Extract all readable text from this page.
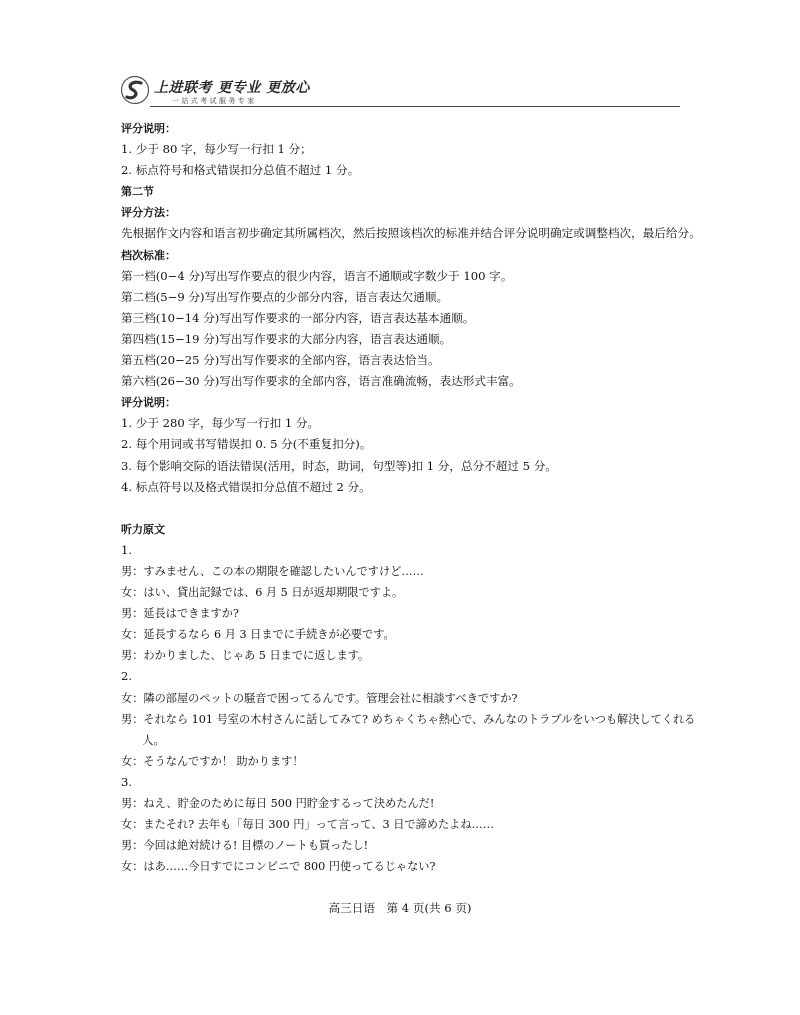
上进联考 更专业 更放心
一站式考试服务专家
评分说明：
1. 少于 80 字，每少写一行扣 1 分；
2. 标点符号和格式错误扣分总值不超过 1 分。
第二节
评分方法：
先根据作文内容和语言初步确定其所属档次，然后按照该档次的标准并结合评分说明确定或调整档次，最后给分。
档次标准：
第一档(0−4 分)写出写作要点的很少内容，语言不通顺或字数少于 100 字。
第二档(5−9 分)写出写作要点的少部分内容，语言表达欠通顺。
第三档(10−14 分)写出写作要求的一部分内容，语言表达基本通顺。
第四档(15−19 分)写出写作要求的大部分内容，语言表达通顺。
第五档(20−25 分)写出写作要求的全部内容，语言表达恰当。
第六档(26−30 分)写出写作要求的全部内容，语言准确流畅，表达形式丰富。
评分说明：
1. 少于 280 字，每少写一行扣 1 分。
2. 每个用词或书写错误扣 0. 5 分(不重复扣分)。
3. 每个影响交际的语法错误(活用，时态，助词，句型等)扣 1 分，总分不超过 5 分。
4. 标点符号以及格式错误扣分总值不超过 2 分。
听力原文
1.
男：すみません、この本の期限を確認したいんですけど……
女：はい、貸出記録では、6 月 5 日が返却期限ですよ。
男：延長はできますか?
女：延長するなら 6 月 3 日までに手続きが必要です。
男：わかりました、じゃあ 5 日までに返します。
2.
女：隣の部屋のペットの騒音で困ってるんです。管理会社に相談すべきですか?
男：それなら 101 号室の木村さんに話してみて? めちゃくちゃ熱心で、みんなのトラブルをいつも解決してくれる人。
女：そうなんですか！ 助かります！
3.
男：ねえ、貯金のために毎日 500 円貯金するって決めたんだ!
女：またそれ? 去年も「毎日 300 円」って言って、3 日で諦めたよね……
男：今回は絶対続ける! 目標のノートも買ったし!
女：はあ……今日すでにコンビニで 800 円使ってるじゃない?
高三日语　第 4 页(共 6 页)
